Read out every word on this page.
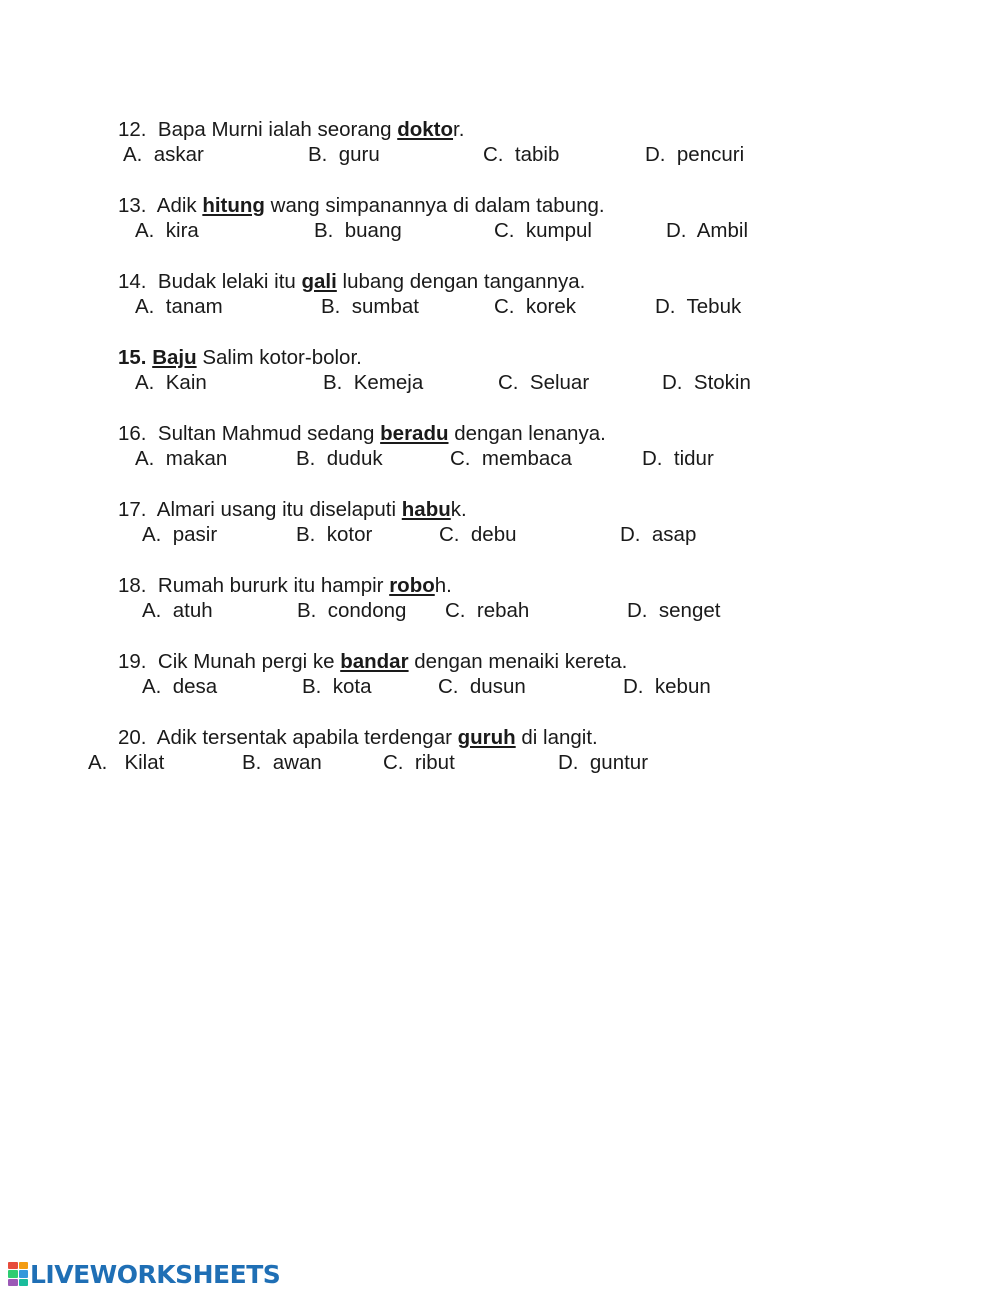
12. Bapa Murni ialah seorang doktor.
A.  askar	B.  guru	C.  tabib	D.  pencuri
13. Adik hitung wang simpanannya di dalam tabung.
A.  kira	B.  buang	C.  kumpul	D.  Ambil
14. Budak lelaki itu gali lubang dengan tangannya.
A.  tanam	B.  sumbat	C.  korek	D.  Tebuk
15. Baju Salim kotor-bolor.
A.  Kain	B.  Kemeja	C.  Seluar	D.  Stokin
16. Sultan Mahmud sedang beradu dengan lenanya.
A.  makan	B.  duduk	C.  membaca	D.  tidur
17. Almari usang itu diselaputi habuk.
A.  pasir	B.  kotor	C.  debu	D.  asap
18. Rumah bururk itu hampir roboh.
A.  atuh	B.  condong C.  rebah	D.  senget
19. Cik Munah pergi ke bandar dengan menaiki kereta.
A.  desa	B.  kota	C.  dusun	D.  kebun
20. Adik tersentak apabila terdengar guruh di langit.
A.   Kilat	B.  awan	C.  ribut	D.  guntur
LIVEWORKSHEETS
